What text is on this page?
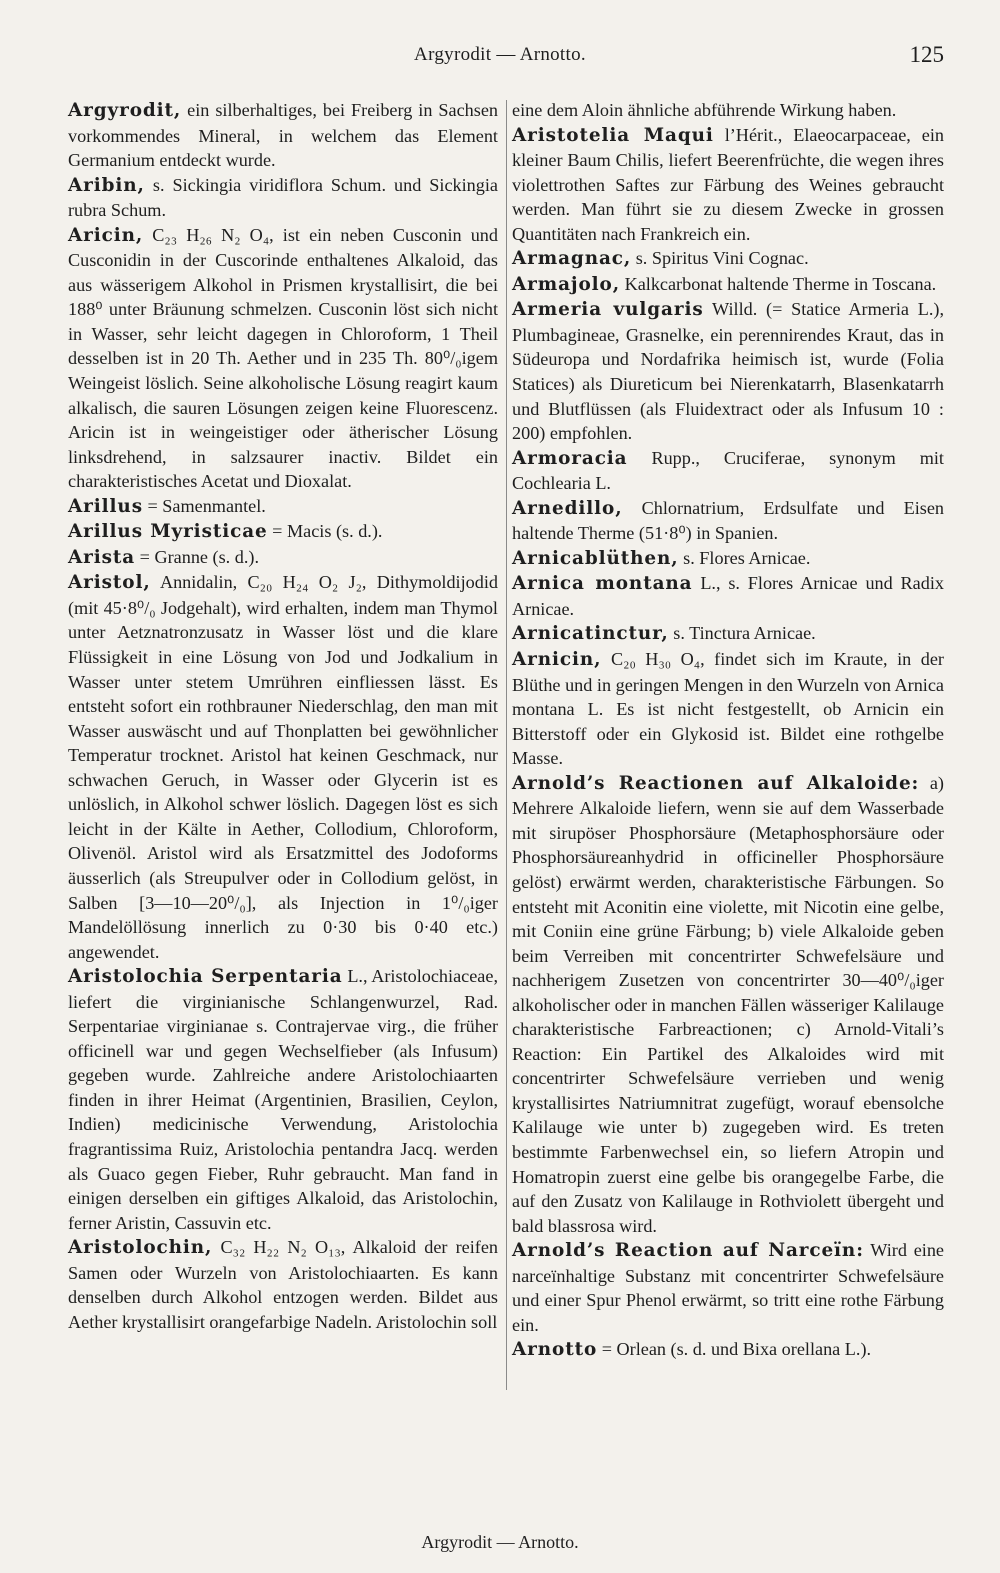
Argyrodit — Arnotto.	125

Argyrodit, ein silberhaltiges, bei Freiberg in Sachsen vorkommendes Mineral, in welchem das Element Germanium entdeckt wurde.

Aribin, s. Sickingia viridiflora Schum. und Sickingia rubra Schum.

Aricin, C₂₃ H₂₆ N₂ O₄, ist ein neben Cusconin und Cusconidin in der Cuscorinde enthaltenes Alkaloid, das aus wässerigem Alkohol in Prismen krystallisirt, die bei 188⁰ unter Bräunung schmelzen. Cusconin löst sich nicht in Wasser, sehr leicht dagegen in Chloroform, 1 Theil desselben ist in 20 Th. Aether und in 235 Th. 80⁰/₀igem Weingeist löslich. Seine alkoholische Lösung reagirt kaum alkalisch, die sauren Lösungen zeigen keine Fluorescenz. Aricin ist in weingeistiger oder ätherischer Lösung linksdrehend, in salzsaurer inactiv. Bildet ein charakteristisches Acetat und Dioxalat.

Arillus = Samenmantel.

Arillus Myristicae = Macis (s. d.).

Arista = Granne (s. d.).

Aristol, Annidalin, C₂₀ H₂₄ O₂ J₂, Dithymoldijodid (mit 45·8⁰/₀ Jodgehalt), wird erhalten, indem man Thymol unter Aetznatronzusatz in Wasser löst und die klare Flüssigkeit in eine Lösung von Jod und Jodkalium in Wasser unter stetem Umrühren einfliessen lässt. Es entsteht sofort ein rothbrauner Niederschlag, den man mit Wasser auswäscht und auf Thonplatten bei gewöhnlicher Temperatur trocknet. Aristol hat keinen Geschmack, nur schwachen Geruch, in Wasser oder Glycerin ist es unlöslich, in Alkohol schwer löslich. Dagegen löst es sich leicht in der Kälte in Aether, Collodium, Chloroform, Olivenöl. Aristol wird als Ersatzmittel des Jodoforms äusserlich (als Streupulver oder in Collodium gelöst, in Salben [3—10—20⁰/₀], als Injection in 1⁰/₀iger Mandelöllösung innerlich zu 0·30 bis 0·40 etc.) angewendet.

Aristolochia Serpentaria L., Aristolochiaceae, liefert die virginianische Schlangenwurzel, Rad. Serpentariae virginianae s. Contrajervae virg., die früher officinell war und gegen Wechselfieber (als Infusum) gegeben wurde. Zahlreiche andere Aristolochiaarten finden in ihrer Heimat (Argentinien, Brasilien, Ceylon, Indien) medicinische Verwendung, Aristolochia fragrantissima Ruiz, Aristolochia pentandra Jacq. werden als Guaco gegen Fieber, Ruhr gebraucht. Man fand in einigen derselben ein giftiges Alkaloid, das Aristolochin, ferner Aristin, Cassuvin etc.

Aristolochin, C₃₂ H₂₂ N₂ O₁₃, Alkaloid der reifen Samen oder Wurzeln von Aristolochiaarten. Es kann denselben durch Alkohol entzogen werden. Bildet aus Aether krystallisirt orangefarbige Nadeln. Aristolochin soll

eine dem Aloin ähnliche abführende Wirkung haben.

Aristotelia Maqui l’Hérit., Elaeocarpaceae, ein kleiner Baum Chilis, liefert Beerenfrüchte, die wegen ihres violettrothen Saftes zur Färbung des Weines gebraucht werden. Man führt sie zu diesem Zwecke in grossen Quantitäten nach Frankreich ein.

Armagnac, s. Spiritus Vini Cognac.

Armajolo, Kalkcarbonat haltende Therme in Toscana.

Armeria vulgaris Willd. (= Statice Armeria L.), Plumbagineae, Grasnelke, ein perennirendes Kraut, das in Südeuropa und Nordafrika heimisch ist, wurde (Folia Statices) als Diureticum bei Nierenkatarrh, Blasenkatarrh und Blutflüssen (als Fluidextract oder als Infusum 10 : 200) empfohlen.

Armoracia Rupp., Cruciferae, synonym mit Cochlearia L.

Arnedillo, Chlornatrium, Erdsulfate und Eisen haltende Therme (51·8⁰) in Spanien.

Arnicablüthen, s. Flores Arnicae.

Arnica montana L., s. Flores Arnicae und Radix Arnicae.

Arnicatinctur, s. Tinctura Arnicae.

Arnicin, C₂₀ H₃₀ O₄, findet sich im Kraute, in der Blüthe und in geringen Mengen in den Wurzeln von Arnica montana L. Es ist nicht festgestellt, ob Arnicin ein Bitterstoff oder ein Glykosid ist. Bildet eine rothgelbe Masse.

Arnold’s Reactionen auf Alkaloide: a) Mehrere Alkaloide liefern, wenn sie auf dem Wasserbade mit sirupöser Phosphorsäure (Metaphosphorsäure oder Phosphorsäureanhydrid in officineller Phosphorsäure gelöst) erwärmt werden, charakteristische Färbungen. So entsteht mit Aconitin eine violette, mit Nicotin eine gelbe, mit Coniin eine grüne Färbung; b) viele Alkaloide geben beim Verreiben mit concentrirter Schwefelsäure und nachherigem Zusetzen von concentrirter 30—40⁰/₀iger alkoholischer oder in manchen Fällen wässeriger Kalilauge charakteristische Farbreactionen; c) Arnold-Vitali’s Reaction: Ein Partikel des Alkaloides wird mit concentrirter Schwefelsäure verrieben und wenig krystallisirtes Natriumnitrat zugefügt, worauf ebensolche Kalilauge wie unter b) zugegeben wird. Es treten bestimmte Farbenwechsel ein, so liefern Atropin und Homatropin zuerst eine gelbe bis orangegelbe Farbe, die auf den Zusatz von Kalilauge in Rothviolett übergeht und bald blassrosa wird.

Arnold’s Reaction auf Narceïn: Wird eine narceïnhaltige Substanz mit concentrirter Schwefelsäure und einer Spur Phenol erwärmt, so tritt eine rothe Färbung ein.

Arnotto = Orlean (s. d. und Bixa orellana L.).

Argyrodit — Arnotto.
